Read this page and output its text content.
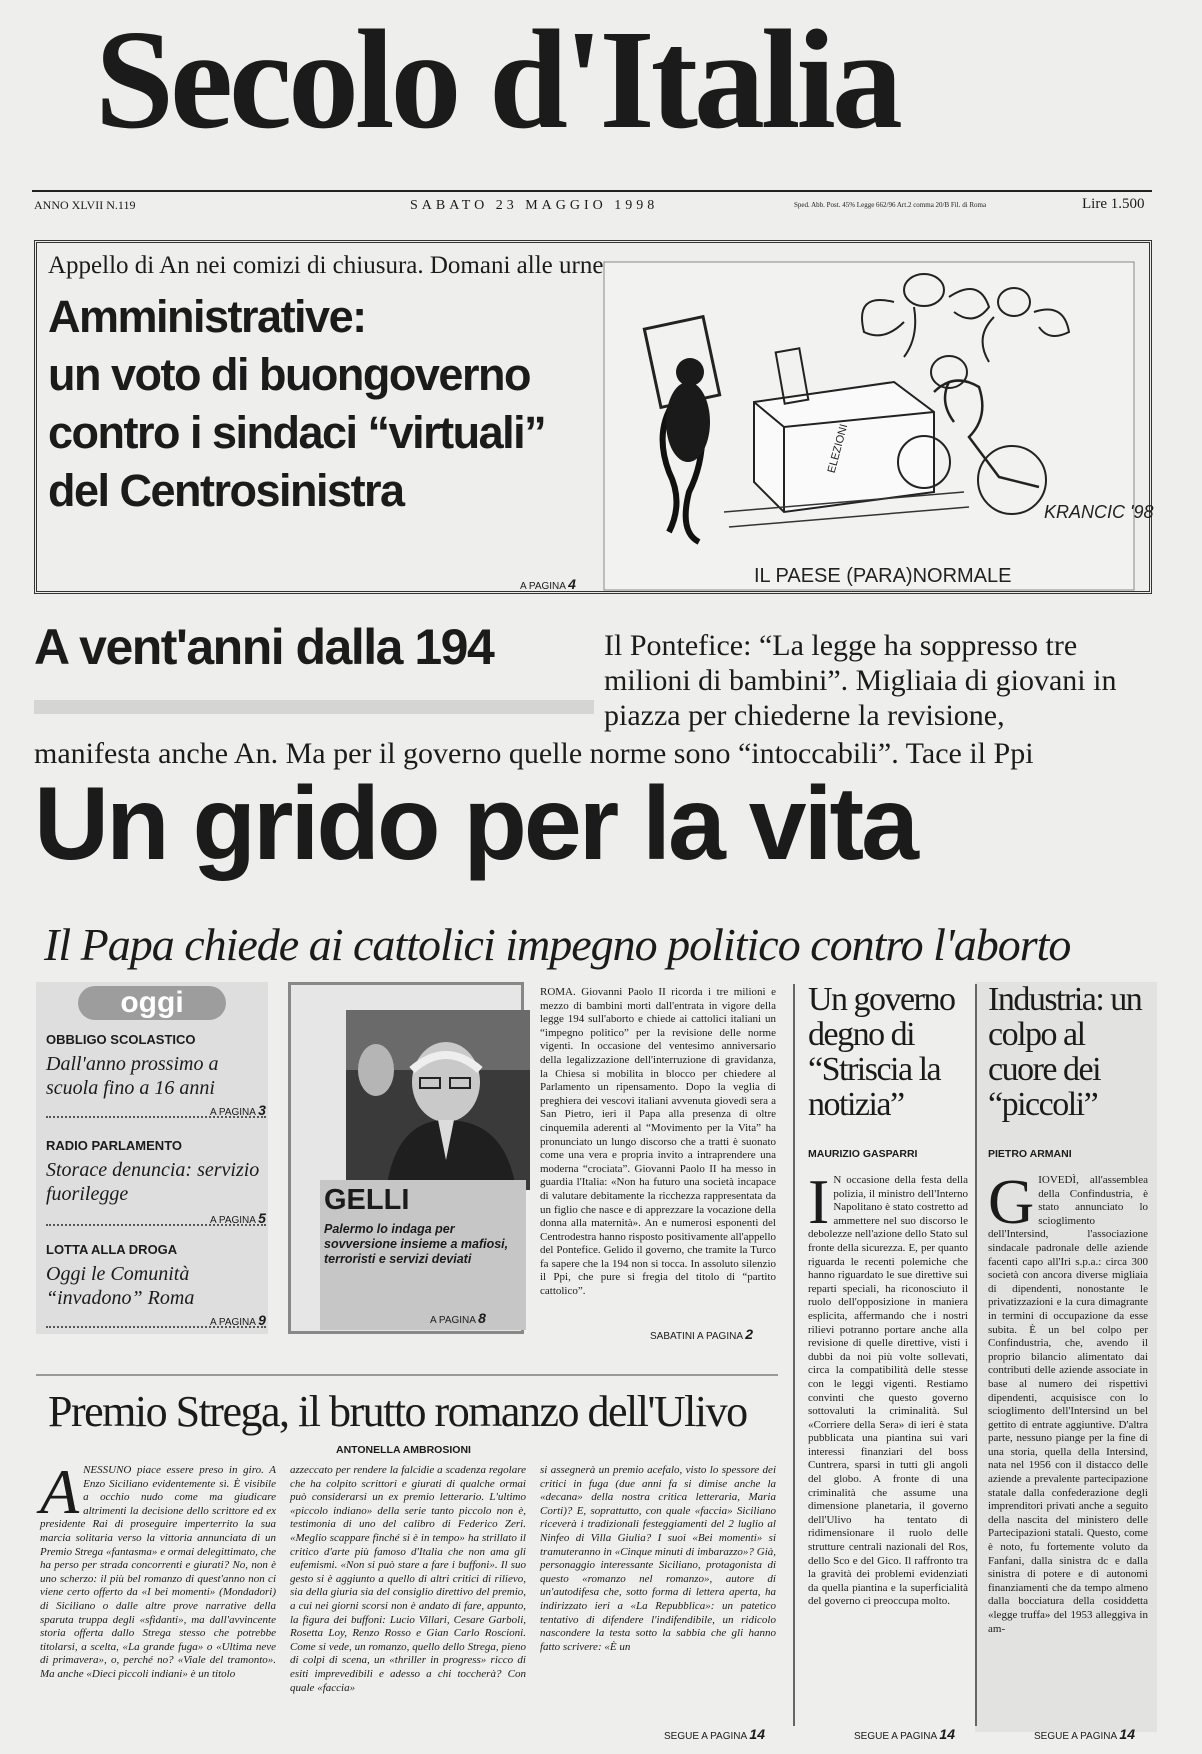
Secolo d'Italia
ANNO XLVII N.119	SABATO 23 MAGGIO 1998	Sped. Abb. Post. 45% Legge 662/96 Art.2 comma 20/B Fil. di Roma	Lire 1.500
Appello di An nei comizi di chiusura. Domani alle urne
Amministrative:
un voto di buongoverno
contro i sindaci “virtuali”
del Centrosinistra
A PAGINA 4
ELEZIONI
KRANCIC '98
IL PAESE (PARA)NORMALE
A vent'anni dalla 194	Il Pontefice: “La legge ha soppresso tre milioni di bambini”. Migliaia di giovani in piazza per chiederne la revisione,
manifesta anche An. Ma per il governo quelle norme sono “intoccabili”. Tace il Ppi
Un grido per la vita
Il Papa chiede ai cattolici impegno politico contro l'aborto
oggi
OBBLIGO SCOLASTICO
Dall'anno prossimo a scuola fino a 16 anni
A PAGINA 3
RADIO PARLAMENTO
Storace denuncia: servizio fuorilegge
A PAGINA 5
LOTTA ALLA DROGA
Oggi le Comunità “invadono” Roma
A PAGINA 9
GELLI
Palermo lo indaga per sovversione insieme a mafiosi, terroristi e servizi deviati
A PAGINA 8
ROMA. Giovanni Paolo II ricorda i tre milioni e mezzo di bambini morti dall'entrata in vigore della legge 194 sull'aborto e chiede ai cattolici italiani un “impegno politico” per la revisione delle norme vigenti. In occasione del ventesimo anniversario della legalizzazione dell'interruzione di gravidanza, la Chiesa si mobilita in blocco per chiedere al Parlamento un ripensamento. Dopo la veglia di preghiera dei vescovi italiani avvenuta giovedì sera a San Pietro, ieri il Papa alla presenza di oltre cinquemila aderenti al “Movimento per la Vita” ha pronunciato un lungo discorso che a tratti è suonato come una vera e propria invito a intraprendere una moderna “crociata”. Giovanni Paolo II ha messo in guardia l'Italia: «Non ha futuro una società incapace di valutare debitamente la ricchezza rappresentata da un figlio che nasce e di apprezzare la vocazione della donna alla maternità». An e numerosi esponenti del Centrodestra hanno risposto positivamente all'appello del Pontefice. Gelido il governo, che tramite la Turco fa sapere che la 194 non si tocca. In assoluto silenzio il Ppi, che pure si fregia del titolo di “partito cattolico”.
SABATINI A PAGINA 2
Un governo degno di “Striscia la notizia”
MAURIZIO GASPARRI
I N occasione della festa della polizia, il ministro dell'Interno Napolitano è stato costretto ad ammettere nel suo discorso le debolezze nell'azione dello Stato sul fronte della sicurezza. E, per quanto riguarda le recenti polemiche che hanno riguardato le sue direttive sui reparti speciali, ha riconosciuto il ruolo dell'opposizione in maniera esplicita, affermando che i nostri rilievi potranno portare anche alla revisione di quelle direttive, visti i dubbi da noi più volte sollevati, circa la compatibilità delle stesse con le leggi vigenti. Restiamo convinti che questo governo sottovaluti la criminalità. Sul «Corriere della Sera» di ieri è stata pubblicata una piantina sui vari interessi finanziari del boss Cuntrera, sparsi in tutti gli angoli del globo. A fronte di una criminalità che assume una dimensione planetaria, il governo dell'Ulivo ha tentato di ridimensionare il ruolo delle strutture centrali nazionali del Ros, dello Sco e del Gico. Il raffronto tra la gravità dei problemi evidenziati da quella piantina e la superficialità del governo ci preoccupa molto.
SEGUE A PAGINA 14
Industria: un colpo al cuore dei “piccoli”
PIETRO ARMANI
GIOVEDÌ, all'assemblea della Confindustria, è stato annunciato lo scioglimento dell'Intersind, l'associazione sindacale padronale delle aziende facenti capo all'Iri s.p.a.: circa 300 società con ancora diverse migliaia di dipendenti, nonostante le privatizzazioni e la cura dimagrante in termini di occupazione da esse subita. È un bel colpo per Confindustria, che, avendo il proprio bilancio alimentato dai contributi delle aziende associate in base al numero dei rispettivi dipendenti, acquisisce con lo scioglimento dell'Intersind un bel gettito di entrate aggiuntive. D'altra parte, nessuno piange per la fine di una storia, quella della Intersind, nata nel 1956 con il distacco delle aziende a prevalente partecipazione statale dalla confederazione degli imprenditori privati anche a seguito della nascita del ministero delle Partecipazioni statali. Questo, come è noto, fu fortemente voluto da Fanfani, dalla sinistra dc e dalla sinistra di potere e di autonomi finanziamenti che da tempo almeno dalla bocciatura della cosiddetta «legge truffa» del 1953 alleggiva in am-
SEGUE A PAGINA 14
Premio Strega, il brutto romanzo dell'Ulivo
ANTONELLA AMBROSIONI
ANESSUNO piace essere preso in giro. A Enzo Siciliano evidentemente sì. È visibile a occhio nudo come ma giudicare altrimenti la decisione dello scrittore ed ex presidente Rai di proseguire imperterrito la sua marcia solitaria verso la vittoria annunciata di un Premio Strega «fantasma» e ormai delegittimato, che ha perso per strada concorrenti e giurati? No, non è uno scherzo: il più bel romanzo di quest'anno non ci viene certo offerto da «I bei momenti» (Mondadori) di Siciliano o dalle altre prove narrative della sparuta truppa degli «sfidanti», ma dall'avvincente storia offerta dallo Strega stesso che potrebbe titolarsi, a scelta, «La grande fuga» o «Ultima neve di primavera», o, perché no? «Viale del tramonto». Ma anche «Dieci piccoli indiani» è un titolo
azzeccato per rendere la falcidie a scadenza regolare che ha colpito scrittori e giurati di qualche ormai può considerarsi un ex premio letterario. L'ultimo «piccolo indiano» della serie tanto piccolo non è, testimonia di uno del calibro di Federico Zeri. «Meglio scappare finché si è in tempo» ha strillato il critico d'arte più famoso d'Italia che non ama gli eufemismi. «Non si può stare a fare i buffoni». Il suo gesto si è aggiunto a quello di altri critici di rilievo, sia della giuria sia del consiglio direttivo del premio, a cui nei giorni scorsi non è andato di fare, appunto, la figura dei buffoni: Lucio Villari, Cesare Garboli, Rosetta Loy, Renzo Rosso e Gian Carlo Roscioni. Come si vede, un romanzo, quello dello Strega, pieno di colpi di scena, un «thriller in progress» ricco di esiti imprevedibili e adesso a chi toccherà? Con quale «faccia»
si assegnerà un premio acefalo, visto lo spessore dei critici in fuga (due anni fa si dimise anche la «decana» della nostra critica letteraria, Maria Corti)? E, soprattutto, con quale «faccia» Siciliano riceverà i tradizionali festeggiamenti del 2 luglio al Ninfeo di Villa Giulia? I suoi «Bei momenti» si tramuteranno in «Cinque minuti di imbarazzo»? Già, personaggio interessante Siciliano, protagonista di questo «romanzo nel romanzo», autore di un'autodifesa che, sotto forma di lettera aperta, ha indirizzato ieri a «La Repubblica»: un patetico tentativo di difendere l'indifendibile, un ridicolo nascondere la testa sotto la sabbia che gli hanno fatto scrivere: «È un
SEGUE A PAGINA 14
